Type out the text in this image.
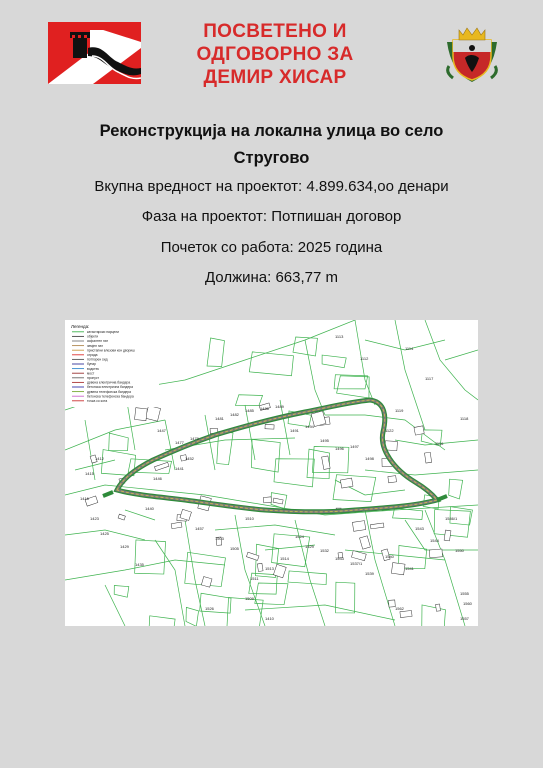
ПОСВЕТЕНО И
ОДГОВОРНО ЗА
ДЕМИР ХИСАР
Реконструкција на локална улица во село
Стругово
Вкупна вредност на проектот: 4.899.634,оо денари
Фаза на проектот: Потпишан договор
Почеток со работа: 2025 година
Должина: 663,77 m
Легенда:
катастарски парцели
објекти
асфалтен пат
земјен пат
пристапни влезови кон двориш
ограда
потпорен ѕид
бунар
водотек
мост
пропуст
дрвена електрична бандера
бетонска електрична бандера
дрвена телефонска бандера
бетонска телефонска бандера
точка со кота
1113
1112
1114
1117
1119
1118
1122
1116
1481
1482
1485 1486 1489
1491
1494
1495
1496 1497
1498
1441
1452
1457
1503
1505
1510
1511
1513
1514
1524
1529
1532
1533
1537/1
1539
1540
1541
1543
1544
1546/1
1550
1555
1557
1560
1562
1509
1410
1412
1415
1416
1423
1425
1429
1435
1440
1446
1447
1477
1479
1526
